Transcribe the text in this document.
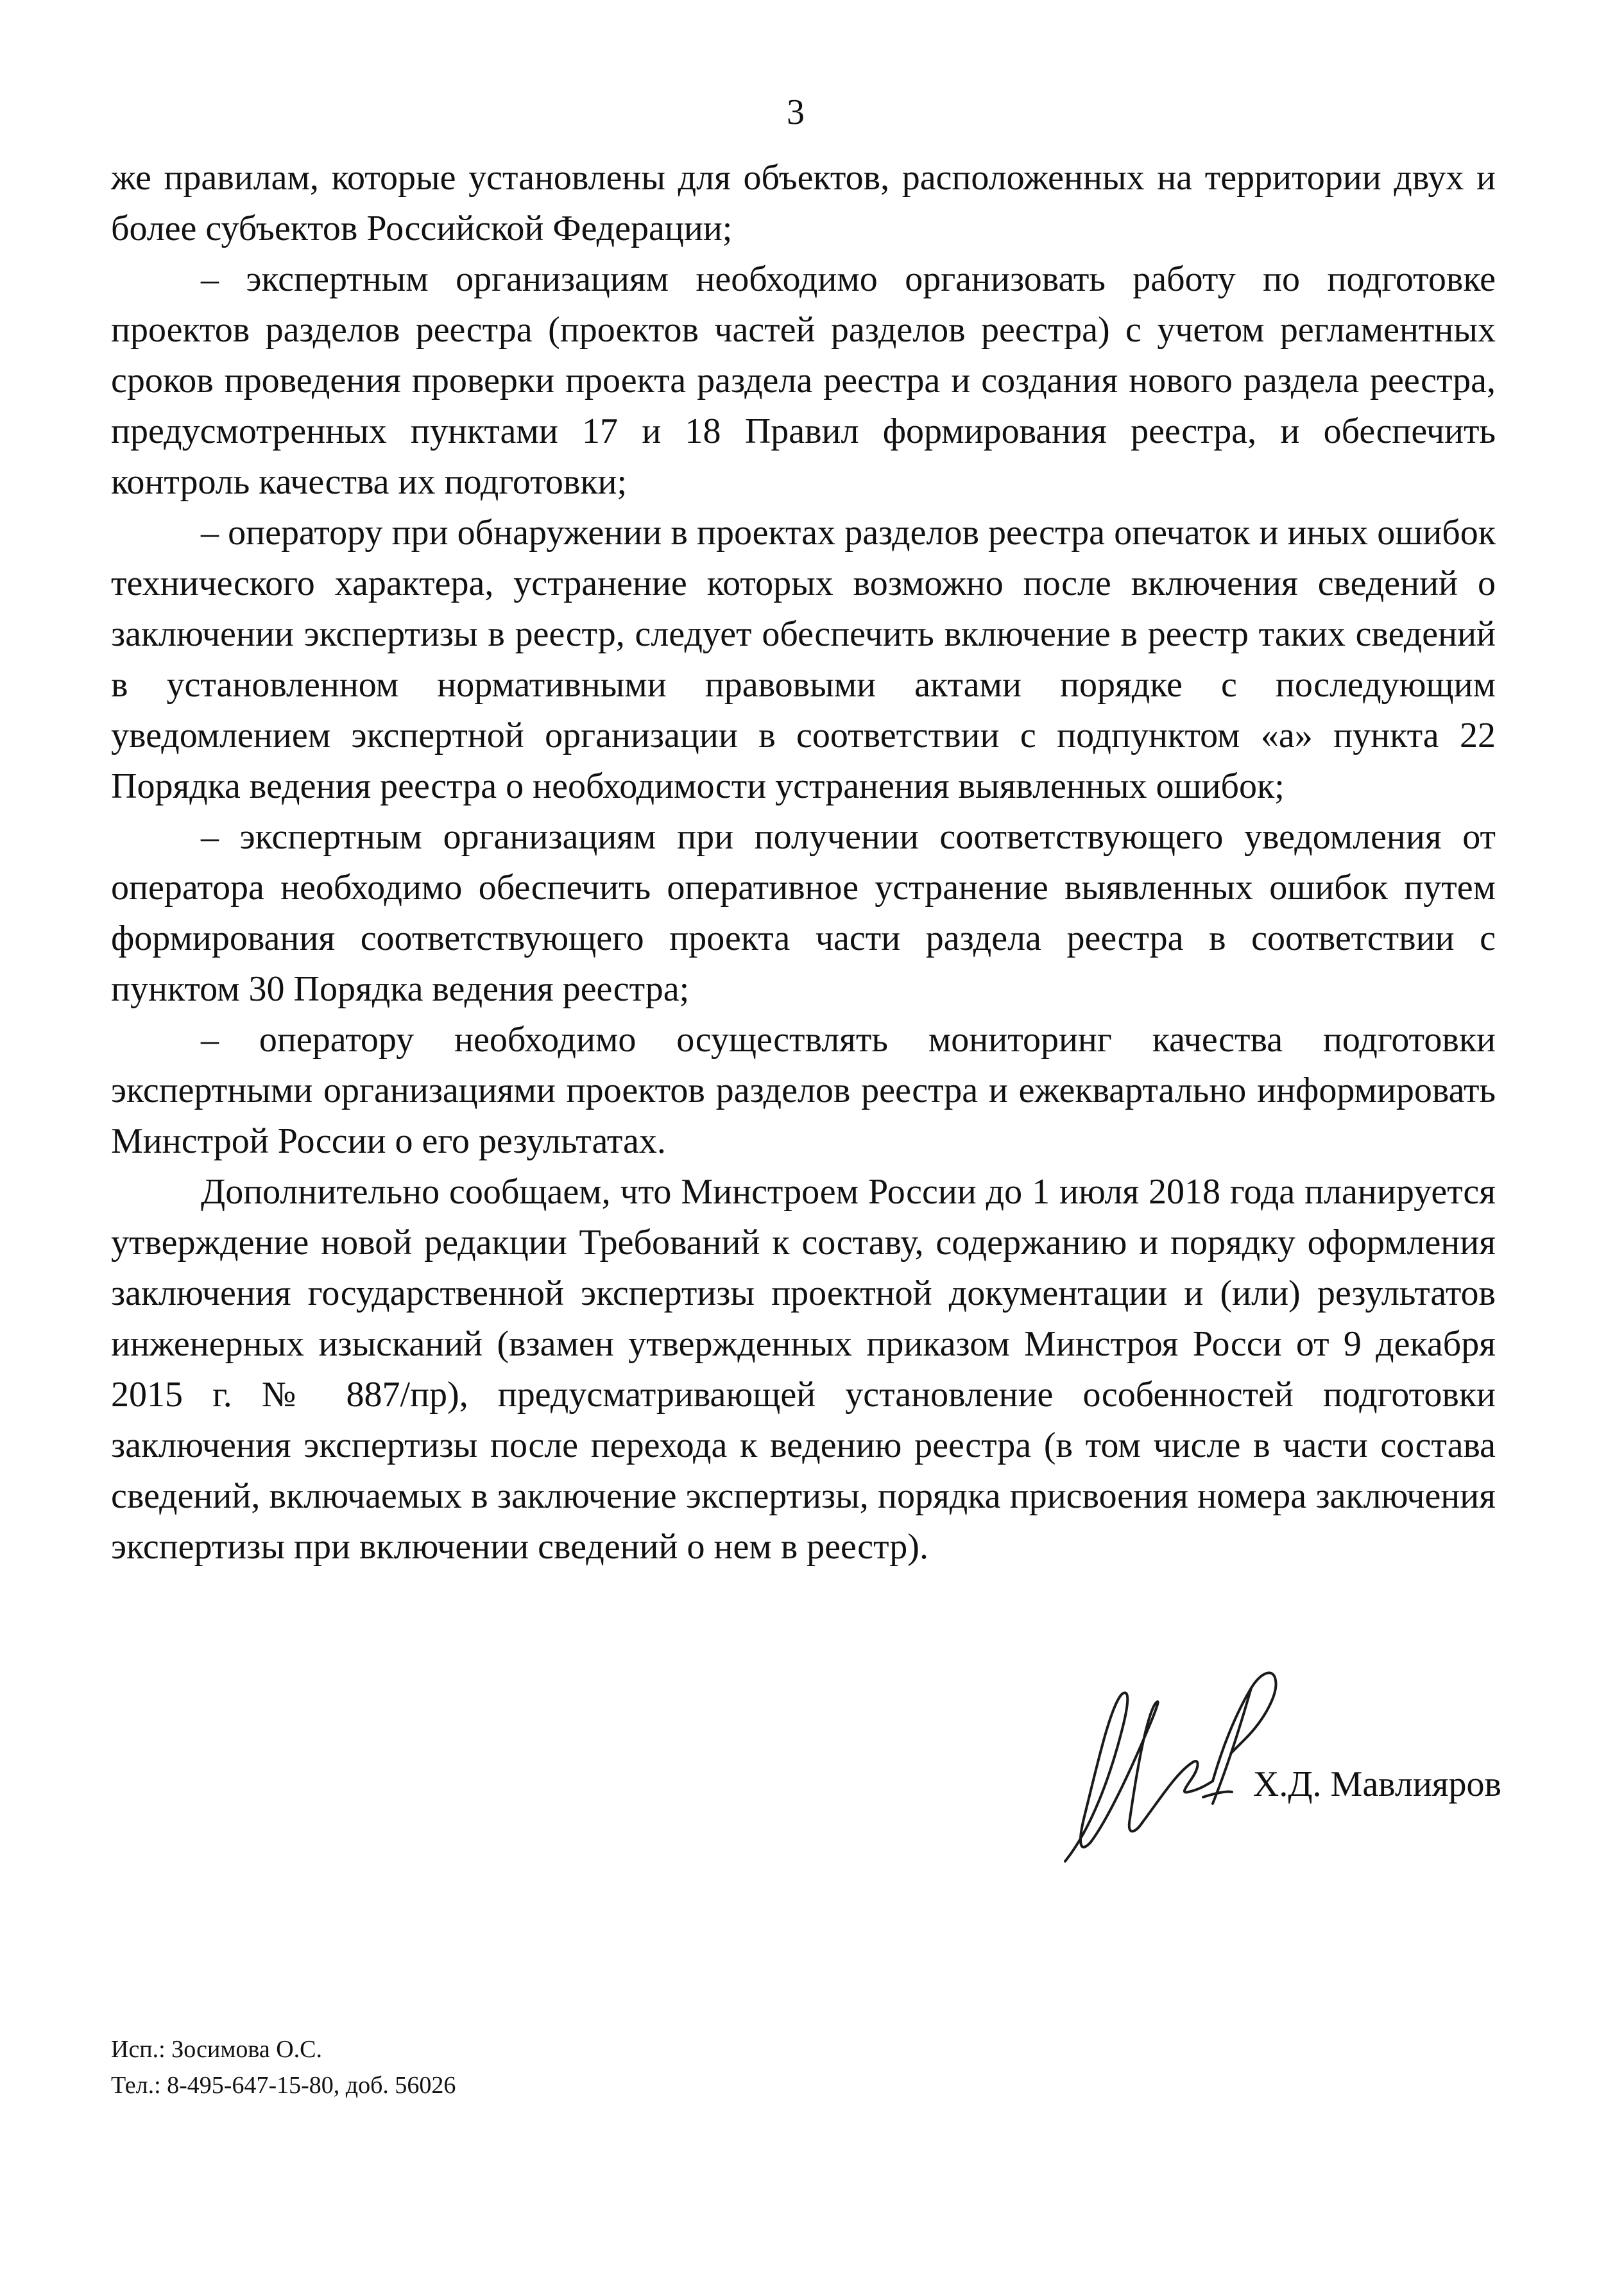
3

же правилам, которые установлены для объектов, расположенных на территории двух и более субъектов Российской Федерации;

– экспертным организациям необходимо организовать работу по подготовке проектов разделов реестра (проектов частей разделов реестра) с учетом регламентных сроков проведения проверки проекта раздела реестра и создания нового раздела реестра, предусмотренных пунктами 17 и 18 Правил формирования реестра, и обеспечить контроль качества их подготовки;

– оператору при обнаружении в проектах разделов реестра опечаток и иных ошибок технического характера, устранение которых возможно после включения сведений о заключении экспертизы в реестр, следует обеспечить включение в реестр таких сведений в установленном нормативными правовыми актами порядке с последующим уведомлением экспертной организации в соответствии с подпунктом «а» пункта 22 Порядка ведения реестра о необходимости устранения выявленных ошибок;

– экспертным организациям при получении соответствующего уведомления от оператора необходимо обеспечить оперативное устранение выявленных ошибок путем формирования соответствующего проекта части раздела реестра в соответствии с пунктом 30 Порядка ведения реестра;

– оператору необходимо осуществлять мониторинг качества подготовки экспертными организациями проектов разделов реестра и ежеквартально информировать Минстрой России о его результатах.

Дополнительно сообщаем, что Минстроем России до 1 июля 2018 года планируется утверждение новой редакции Требований к составу, содержанию и порядку оформления заключения государственной экспертизы проектной документации и (или) результатов инженерных изысканий (взамен утвержденных приказом Минстроя Росси от 9 декабря 2015 г. № 887/пр), предусматривающей установление особенностей подготовки заключения экспертизы после перехода к ведению реестра (в том числе в части состава сведений, включаемых в заключение экспертизы, порядка присвоения номера заключения экспертизы при включении сведений о нем в реестр).

Х.Д. Мавлияров
Исп.: Зосимова О.С.
Тел.: 8-495-647-15-80, доб. 56026
